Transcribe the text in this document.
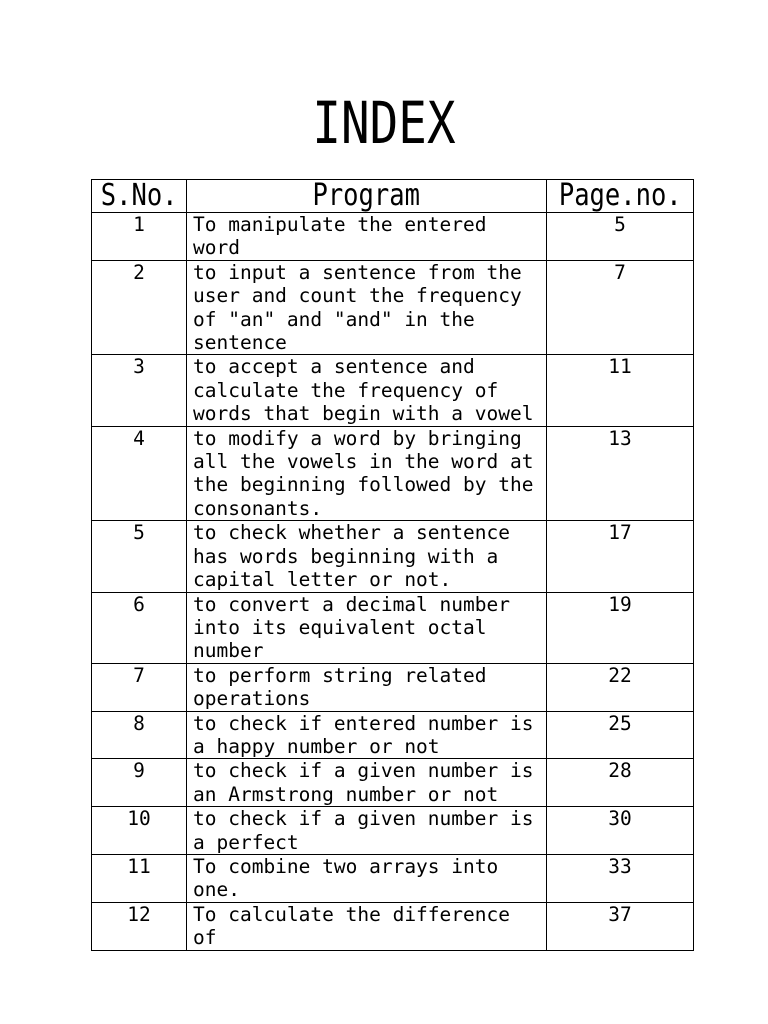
INDEX
S.No.	Program	Page.no.
1	To manipulate the entered word	5
2	to input a sentence from the
user and count the frequency
of "an" and "and" in the
sentence	7
3	to accept a sentence and
calculate the frequency of
words that begin with a vowel	11
4	to modify a word by bringing
all the vowels in the word at
the beginning followed by the
consonants.	13
5	to check whether a sentence
has words beginning with a
capital letter or not.	17
6	to convert a decimal number
into its equivalent octal
number	19
7	to perform string related
operations	22
8	to check if entered number is
a happy number or not	25
9	to check if a given number is
an Armstrong number or not	28
10	to check if a given number is
a perfect	30
11	To combine two arrays into
one.	33
12	To calculate the difference of	37
